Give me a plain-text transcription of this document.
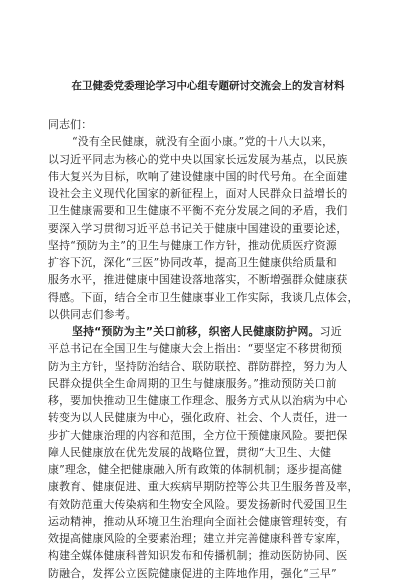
在卫健委党委理论学习中心组专题研讨交流会上的发言材料
同志们：
“没有全民健康，就没有全面小康。”党的十八大以来，
以习近平同志为核心的党中央以国家长远发展为基点，以民族
伟大复兴为目标，吹响了建设健康中国的时代号角。在全面建
设社会主义现代化国家的新征程上，面对人民群众日益增长的
卫生健康需要和卫生健康不平衡不充分发展之间的矛盾，我们
要深入学习贯彻习近平总书记关于健康中国建设的重要论述，
坚持“预防为主”的卫生与健康工作方针，推动优质医疗资源
扩容下沉，深化“三医”协同改革，提高卫生健康供给质量和
服务水平，推进健康中国建设落地落实，不断增强群众健康获
得感。下面，结合全市卫生健康事业工作实际，我谈几点体会，
以供同志们参考。
坚持“预防为主”关口前移，织密人民健康防护网。习近
平总书记在全国卫生与健康大会上指出：“要坚定不移贯彻预
防为主方针，坚持防治结合、联防联控、群防群控，努力为人
民群众提供全生命周期的卫生与健康服务。”推动预防关口前
移，要加快推动卫生健康工作理念、服务方式从以治病为中心
转变为以人民健康为中心，强化政府、社会、个人责任，进一
步扩大健康治理的内容和范围，全方位干预健康风险。要把保
障人民健康放在优先发展的战略位置，贯彻“大卫生、大健
康”理念，健全把健康融入所有政策的体制机制；逐步提高健
康教育、健康促进、重大疾病早期防控等公共卫生服务普及率，
有效防范重大传染病和生物安全风险。要发扬新时代爱国卫生
运动精神，推动从环境卫生治理向全面社会健康管理转变，有
效提高健康风险的全要素治理；建立并完善健康科普专家库，
构建全媒体健康科普知识发布和传播机制；推动医防协同、医
防融合，发挥公立医院健康促进的主阵地作用，强化“三早”
